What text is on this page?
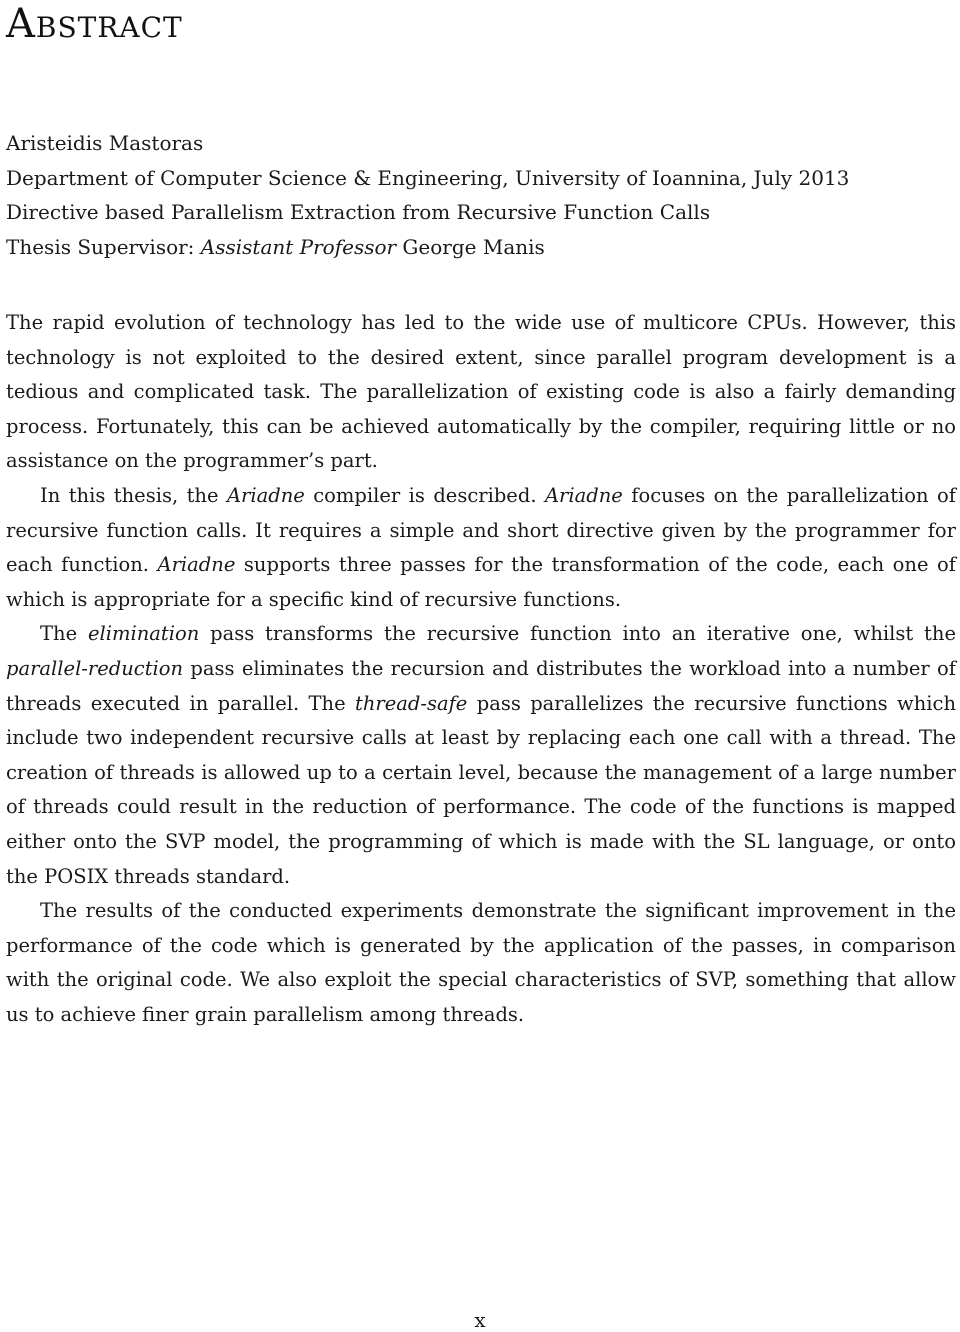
Abstract
Aristeidis Mastoras
Department of Computer Science & Engineering, University of Ioannina, July 2013
Directive based Parallelism Extraction from Recursive Function Calls
Thesis Supervisor: Assistant Professor George Manis

The rapid evolution of technology has led to the wide use of multicore CPUs. However, this technology is not exploited to the desired extent, since parallel program development is a tedious and complicated task. The parallelization of existing code is also a fairly demanding process. Fortunately, this can be achieved automatically by the compiler, requiring little or no assistance on the programmer’s part.

In this thesis, the Ariadne compiler is described. Ariadne focuses on the parallelization of recursive function calls. It requires a simple and short directive given by the programmer for each function. Ariadne supports three passes for the transformation of the code, each one of which is appropriate for a specific kind of recursive functions.

The elimination pass transforms the recursive function into an iterative one, whilst the parallel-reduction pass eliminates the recursion and distributes the workload into a number of threads executed in parallel. The thread-safe pass parallelizes the recursive functions which include two independent recursive calls at least by replacing each one call with a thread. The creation of threads is allowed up to a certain level, because the management of a large number of threads could result in the reduction of performance. The code of the functions is mapped either onto the SVP model, the programming of which is made with the SL language, or onto the POSIX threads standard.

The results of the conducted experiments demonstrate the significant improvement in the performance of the code which is generated by the application of the passes, in comparison with the original code. We also exploit the special characteristics of SVP, something that allow us to achieve finer grain parallelism among threads.

x
